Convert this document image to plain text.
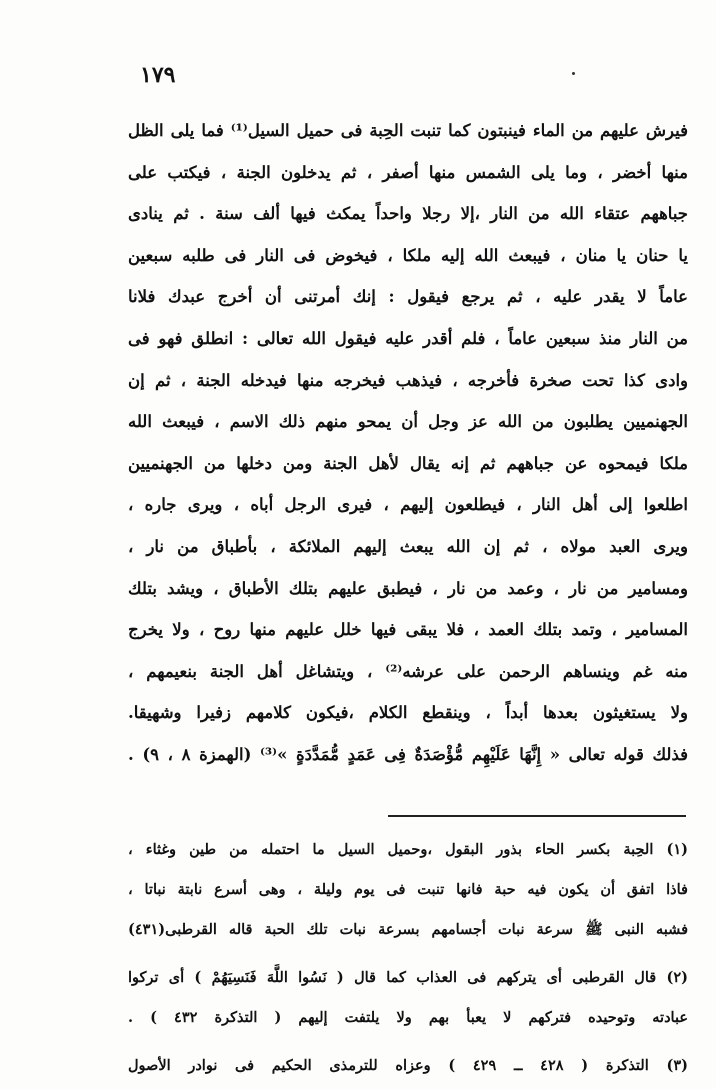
١٧٩
فيرش عليهم من الماء فينبتون كما تنبت الحِبة فى حميل السيل⁽¹⁾ فما يلى الظل
منها أخضر ، وما يلى الشمس منها أصفر ، ثم يدخلون الجنة ، فيكتب على
جباههم عتقاء الله من النار ،إلا رجلا واحداً يمكث فيها ألف سنة . ثم ينادى
يا حنان يا منان ، فيبعث الله إليه ملكا ، فيخوض فى النار فى طلبه سبعين
عاماً لا يقدر عليه ، ثم يرجع فيقول : إنك أمرتنى أن أخرج عبدك فلانا
من النار منذ سبعين عاماً ، فلم أقدر عليه فيقول الله تعالى : انطلق فهو فى
وادى كذا تحت صخرة فأخرجه ، فيذهب فيخرجه منها فيدخله الجنة ، ثم إن
الجهنميين يطلبون من الله عز وجل أن يمحو منهم ذلك الاسم ، فيبعث الله
ملكا فيمحوه عن جباههم ثم إنه يقال لأهل الجنة ومن دخلها من الجهنميين
اطلعوا إلى أهل النار ، فيطلعون إليهم ، فيرى الرجل أباه ، ويرى جاره ،
ويرى العبد مولاه ، ثم إن الله يبعث إليهم الملائكة ، بأطباق من نار ،
ومسامير من نار ، وعمد من نار ، فيطبق عليهم بتلك الأطباق ، ويشد بتلك
المسامير ، وتمد بتلك العمد ، فلا يبقى فيها خلل عليهم منها روح ، ولا يخرج
منه غم وينساهم الرحمن على عرشه⁽²⁾ ، ويتشاغل أهل الجنة بنعيمهم ،
ولا يستغيثون بعدها أبداً ، وينقطع الكلام ،فيكون كلامهم زفيرا وشهيقا.
فذلك قوله تعالى « إِنَّهَا عَلَيْهِم مُّؤْصَدَةٌ فِى عَمَدٍ مُّمَدَّدَةٍ »⁽³⁾ (الهمزة ٨ ، ٩) .
(١) الحِبة بكسر الحاء بذور البقول ،وحميل السيل ما احتمله من طين وغثاء ،
فاذا اتفق أن يكون فيه حبة فانها تنبت فى يوم وليلة ، وهى أسرع نابتة نباتا ،
فشبه النبى ﷺ سرعة نبات أجسامهم بسرعة نبات تلك الحبة قاله القرطبى(٤٣١)
(٢) قال القرطبى أى يتركهم فى العذاب كما قال ( نَسُوا اللَّهَ فَنَسِيَهُمْ ) أى تركوا
عبادته وتوحيده فتركهم لا يعبأ بهم ولا يلتفت إليهم ( التذكرة ٤٣٢ ) .
(٣) التذكرة ( ٤٢٨ ــ ٤٢٩ ) وعزاه للترمذى الحكيم فى نوادر الأصول
